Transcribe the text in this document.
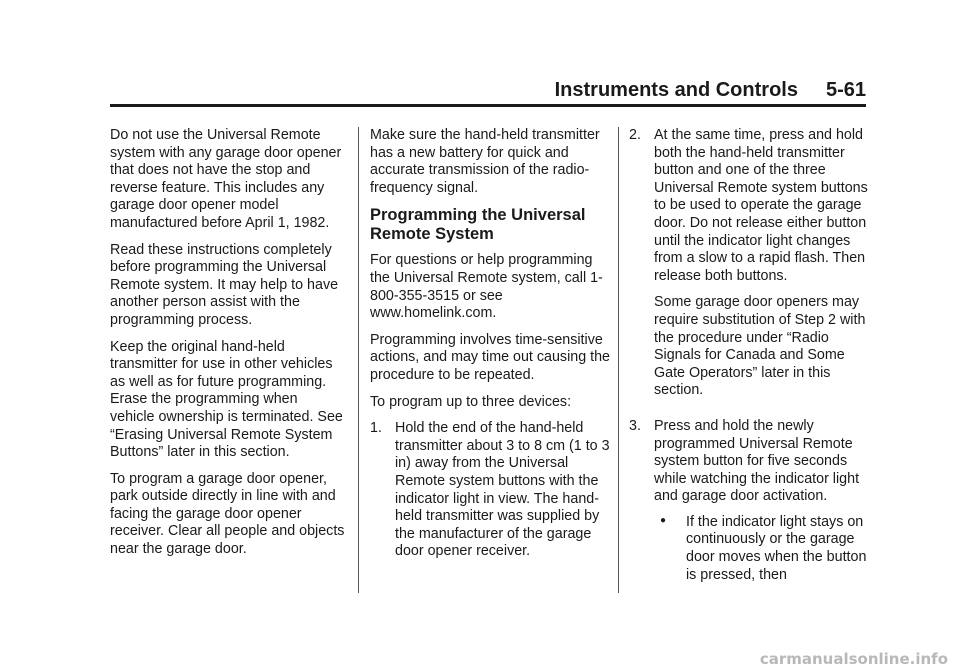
Instruments and Controls 5-61

Do not use the Universal Remote system with any garage door opener that does not have the stop and reverse feature. This includes any garage door opener model manufactured before April 1, 1982.

Read these instructions completely before programming the Universal Remote system. It may help to have another person assist with the programming process.

Keep the original hand-held transmitter for use in other vehicles as well as for future programming. Erase the programming when vehicle ownership is terminated. See “Erasing Universal Remote System Buttons” later in this section.

To program a garage door opener, park outside directly in line with and facing the garage door opener receiver. Clear all people and objects near the garage door.

Make sure the hand-held transmitter has a new battery for quick and accurate transmission of the radio-frequency signal.

Programming the Universal Remote System

For questions or help programming the Universal Remote system, call 1-800-355-3515 or see www.homelink.com.

Programming involves time-sensitive actions, and may time out causing the procedure to be repeated.

To program up to three devices:

1. Hold the end of the hand-held transmitter about 3 to 8 cm (1 to 3 in) away from the Universal Remote system buttons with the indicator light in view. The hand-held transmitter was supplied by the manufacturer of the garage door opener receiver.
2. At the same time, press and hold both the hand-held transmitter button and one of the three Universal Remote system buttons to be used to operate the garage door. Do not release either button until the indicator light changes from a slow to a rapid flash. Then release both buttons.

Some garage door openers may require substitution of Step 2 with the procedure under “Radio Signals for Canada and Some Gate Operators” later in this section.

3. Press and hold the newly programmed Universal Remote system button for five seconds while watching the indicator light and garage door activation.
●	If the indicator light stays on continuously or the garage door moves when the button is pressed, then
carmanualsonline.info
